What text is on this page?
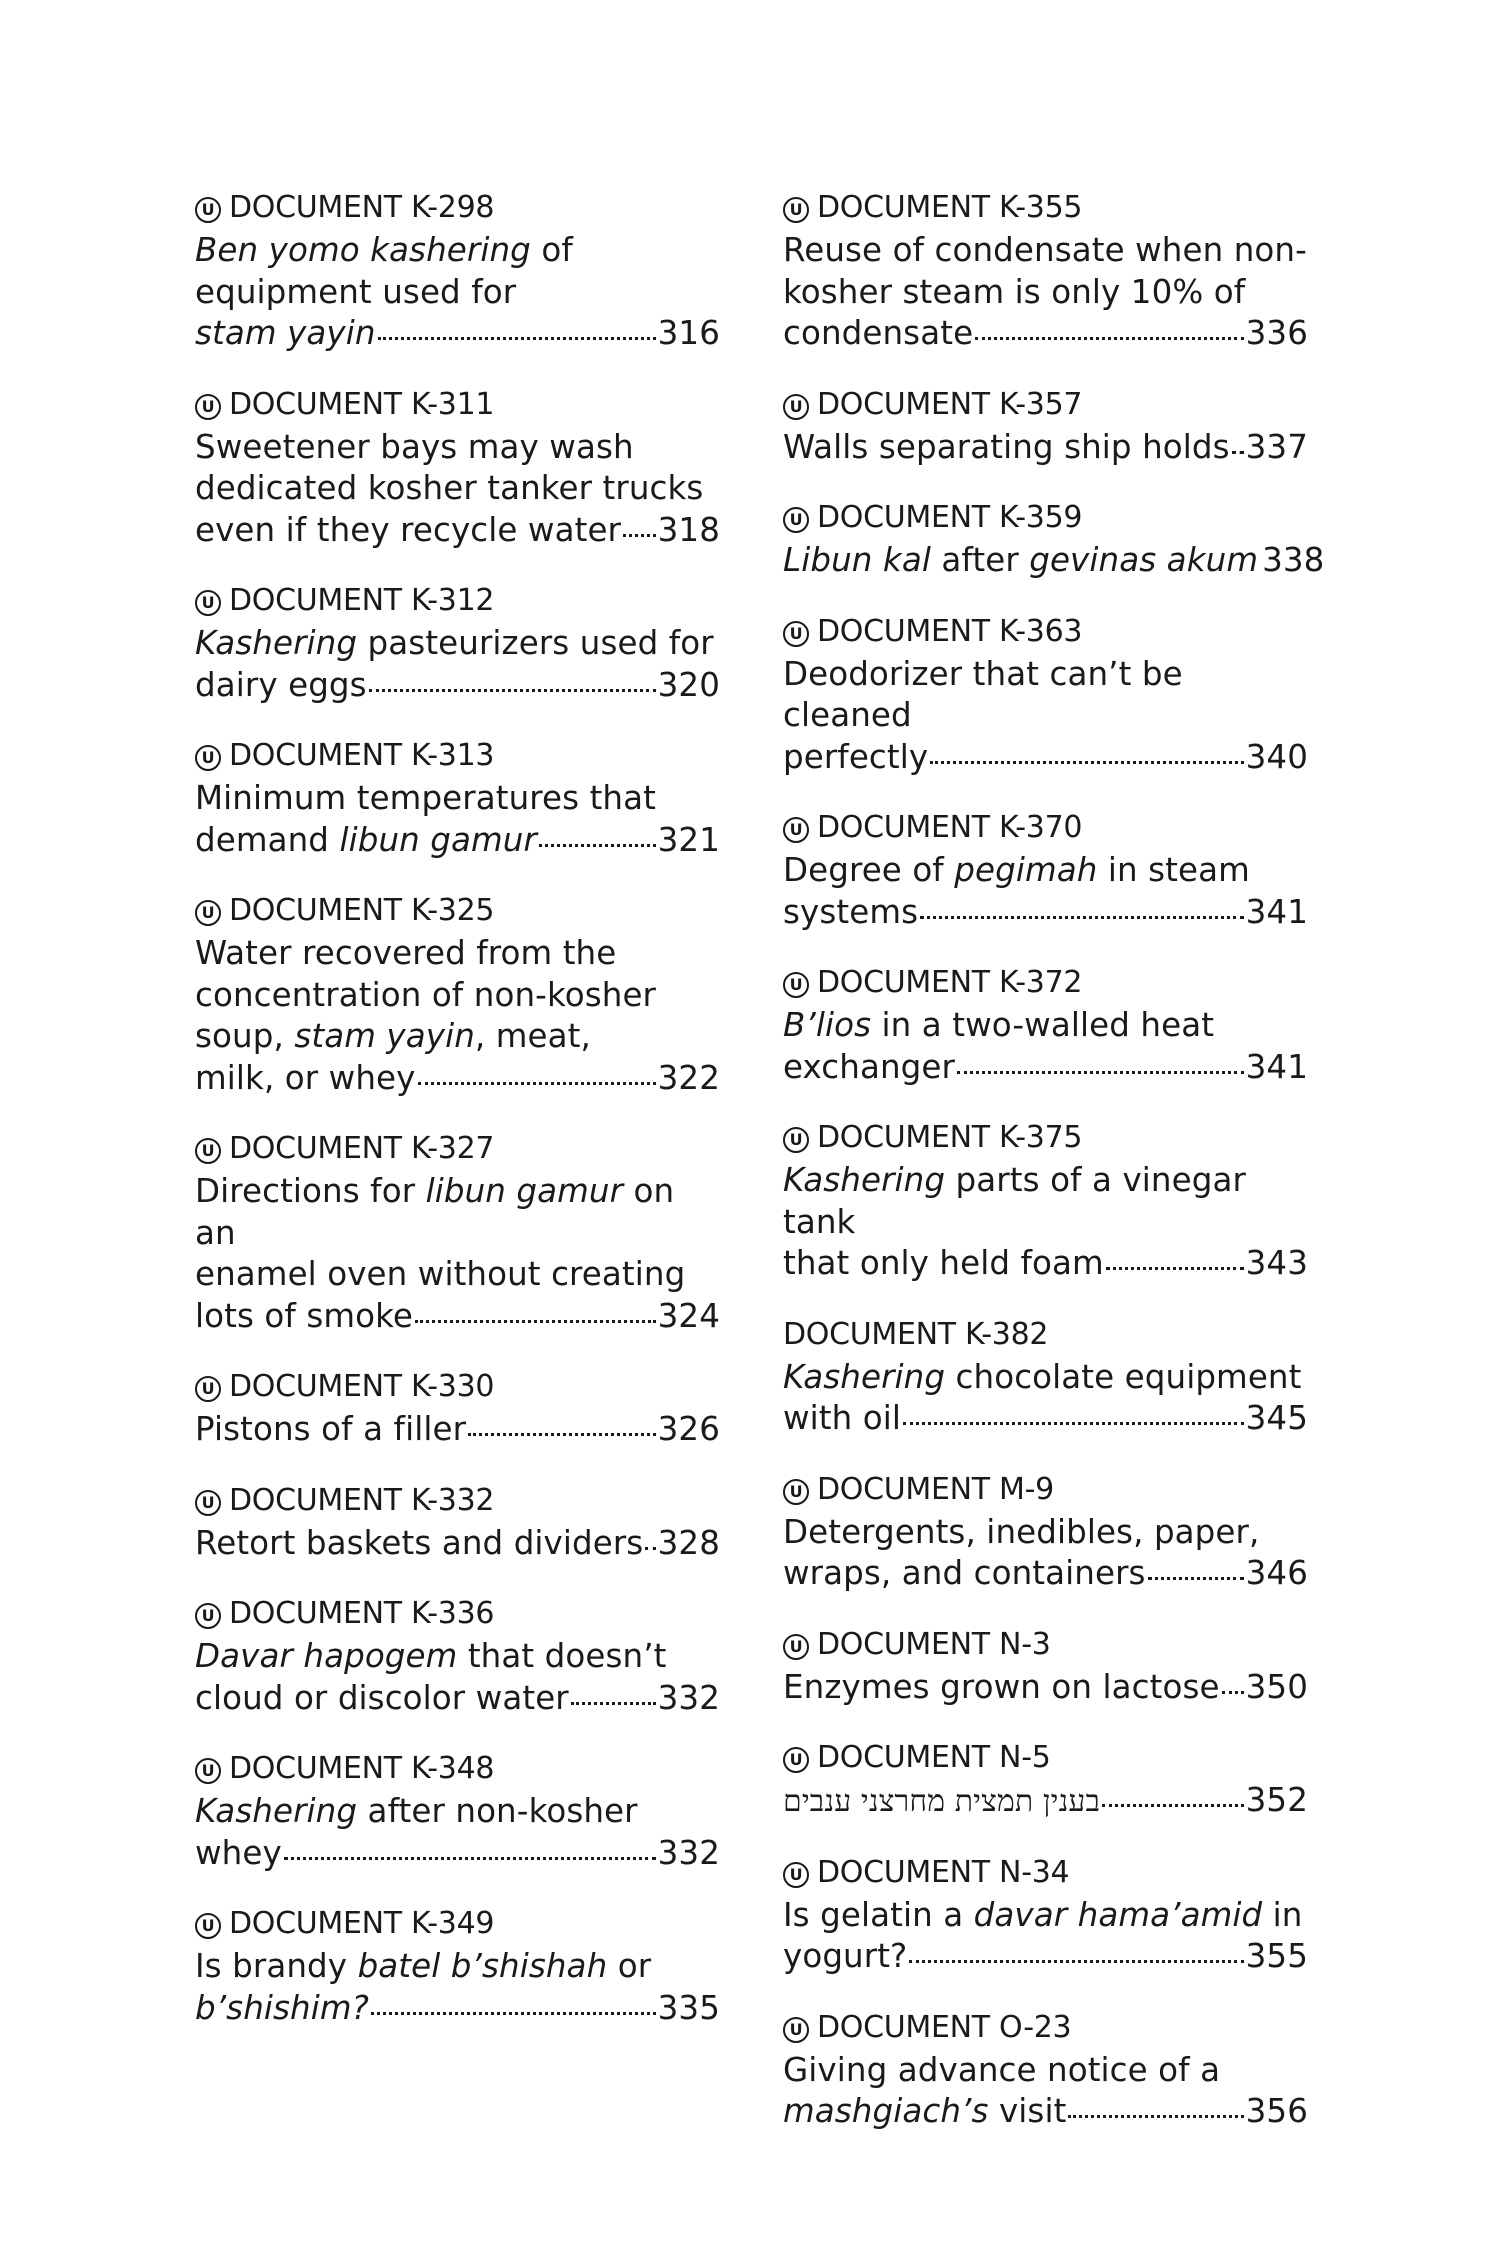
U DOCUMENT K-298
Ben yomo kashering of
equipment used for
stam yayin	316
U DOCUMENT K-311
Sweetener bays may wash
dedicated kosher tanker trucks
even if they recycle water 318
U DOCUMENT K-312
Kashering pasteurizers used for
dairy eggs	320
U DOCUMENT K-313
Minimum temperatures that
demand libun gamur	321
U DOCUMENT K-325
Water recovered from the
concentration of non-kosher
soup, stam yayin, meat,
milk, or whey	322
U DOCUMENT K-327
Directions for libun gamur on an
enamel oven without creating
lots of smoke	324
U DOCUMENT K-330
Pistons of a filler	326
U DOCUMENT K-332
Retort baskets and dividers 328
U DOCUMENT K-336
Davar hapogem that doesn’t
cloud or discolor water	332
U DOCUMENT K-348
Kashering after non-kosher
whey	332
U DOCUMENT K-349
Is brandy batel b’shishah or
b’shishim?	335
U DOCUMENT K-355
Reuse of condensate when non-
kosher steam is only 10% of
condensate	336
U DOCUMENT K-357
Walls separating ship holds 337
U DOCUMENT K-359
Libun kal after gevinas akum 338
U DOCUMENT K-363
Deodorizer that can’t be cleaned
perfectly	340
U DOCUMENT K-370
Degree of pegimah in steam
systems	341
U DOCUMENT K-372
B’lios in a two-walled heat
exchanger	341
U DOCUMENT K-375
Kashering parts of a vinegar tank
that only held foam	343
DOCUMENT K-382
Kashering chocolate equipment
with oil	345
U DOCUMENT M-9
Detergents, inedibles, paper,
wraps, and containers	346
U DOCUMENT N-3
Enzymes grown on lactose 350
U DOCUMENT N-5
בענין תמצית מחרצני ענבים	352
U DOCUMENT N-34
Is gelatin a davar hama’amid in
yogurt?	355
U DOCUMENT O-23
Giving advance notice of a
mashgiach’s visit	356
